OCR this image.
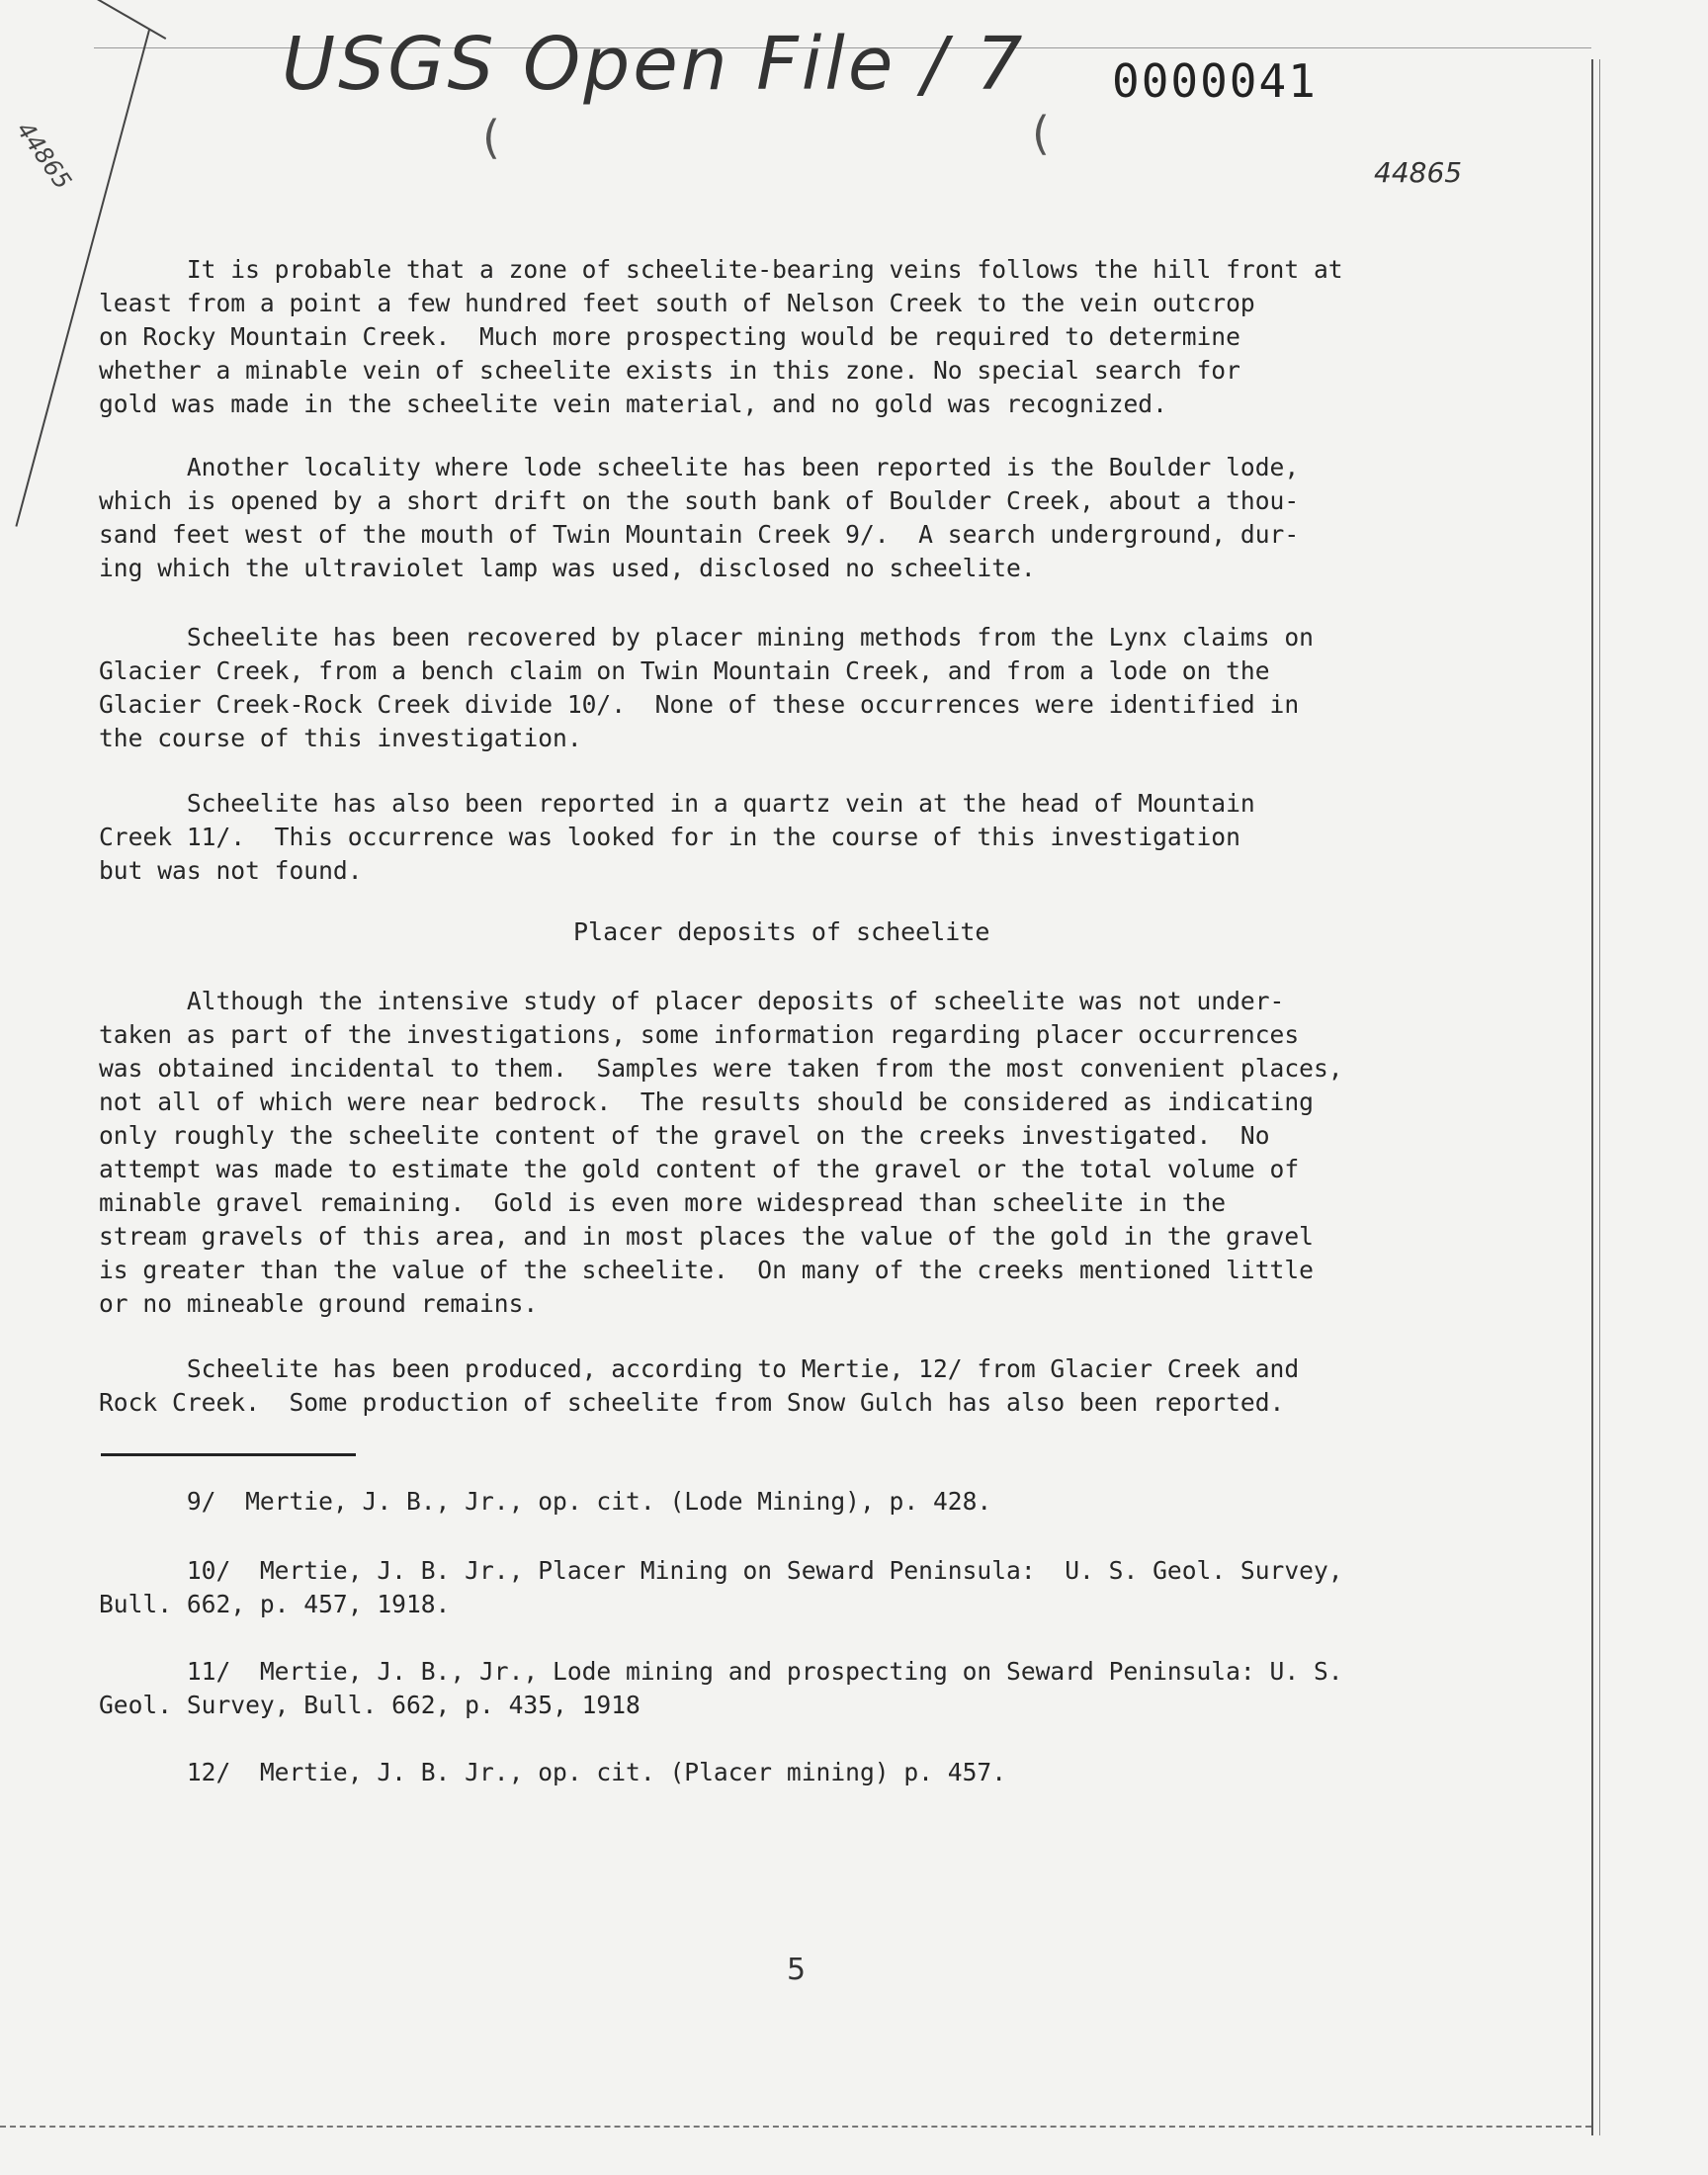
USGS Open File / 7 0000041
44865	44865
(	(
It is probable that a zone of scheelite-bearing veins follows the hill front at
least from a point a few hundred feet south of Nelson Creek to the vein outcrop
on Rocky Mountain Creek.  Much more prospecting would be required to determine
whether a minable vein of scheelite exists in this zone. No special search for
gold was made in the scheelite vein material, and no gold was recognized.
Another locality where lode scheelite has been reported is the Boulder lode,
which is opened by a short drift on the south bank of Boulder Creek, about a thou-
sand feet west of the mouth of Twin Mountain Creek 9/.  A search underground, dur-
ing which the ultraviolet lamp was used, disclosed no scheelite.
Scheelite has been recovered by placer mining methods from the Lynx claims on
Glacier Creek, from a bench claim on Twin Mountain Creek, and from a lode on the
Glacier Creek-Rock Creek divide 10/.  None of these occurrences were identified in
the course of this investigation.
Scheelite has also been reported in a quartz vein at the head of Mountain
Creek 11/.  This occurrence was looked for in the course of this investigation
but was not found.
Placer deposits of scheelite
Although the intensive study of placer deposits of scheelite was not under-
taken as part of the investigations, some information regarding placer occurrences
was obtained incidental to them.  Samples were taken from the most convenient places,
not all of which were near bedrock.  The results should be considered as indicating
only roughly the scheelite content of the gravel on the creeks investigated.  No
attempt was made to estimate the gold content of the gravel or the total volume of
minable gravel remaining.  Gold is even more widespread than scheelite in the
stream gravels of this area, and in most places the value of the gold in the gravel
is greater than the value of the scheelite.  On many of the creeks mentioned little
or no mineable ground remains.
Scheelite has been produced, according to Mertie, 12/ from Glacier Creek and
Rock Creek.  Some production of scheelite from Snow Gulch has also been reported.
9/  Mertie, J. B., Jr., op. cit. (Lode Mining), p. 428.
10/  Mertie, J. B. Jr., Placer Mining on Seward Peninsula:  U. S. Geol. Survey,
Bull. 662, p. 457, 1918.
11/  Mertie, J. B., Jr., Lode mining and prospecting on Seward Peninsula: U. S.
Geol. Survey, Bull. 662, p. 435, 1918
12/  Mertie, J. B. Jr., op. cit. (Placer mining) p. 457.
5
